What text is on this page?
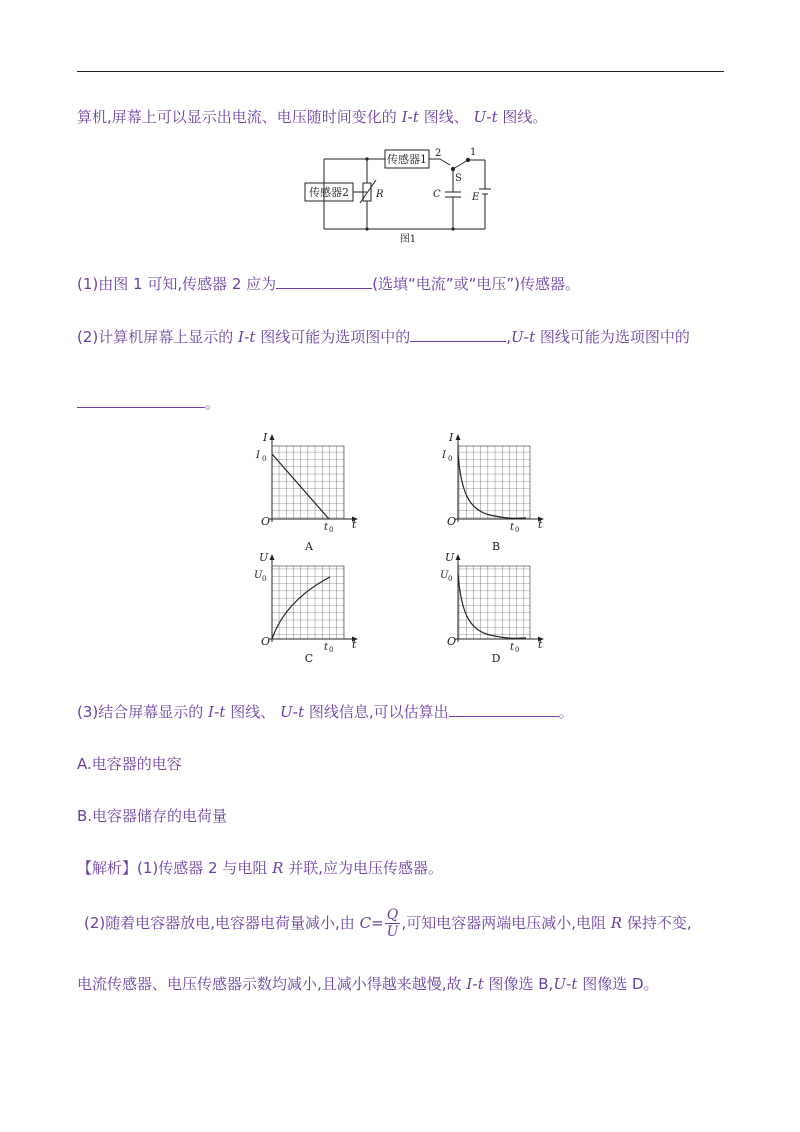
算机,屏幕上可以显示出电流、电压随时间变化的 I-t 图线、 U-t 图线。
传感器1
传感器2	R	C	E
S
1
2
图1
(1)由图 1 可知,传感器 2 应为	(选填“电流”或“电压”)传感器。
(2)计算机屏幕上显示的 I-t 图线可能为选项图中的	,U-t 图线可能为选项图中的
。
I
I 0
O	t 0 t
A
I
I 0
O	t 0 t
B
U
U 0
O	t 0 t
C
U
U 0
O	t 0 t
D
(3)结合屏幕显示的 I-t 图线、 U-t 图线信息,可以估算出	。
A.电容器的电容
B.电容器储存的电荷量
【解析】(1)传感器 2 与电阻 R 并联,应为电压传感器。
(2)随着电容器放电,电容器电荷量减小,由 $C= \frac{Q}{U}$ ,可知电容器两端电压减小,电阻 R 保持不变,
电流传感器、电压传感器示数均减小,且减小得越来越慢,故 I-t 图像选 B,U-t 图像选 D。
